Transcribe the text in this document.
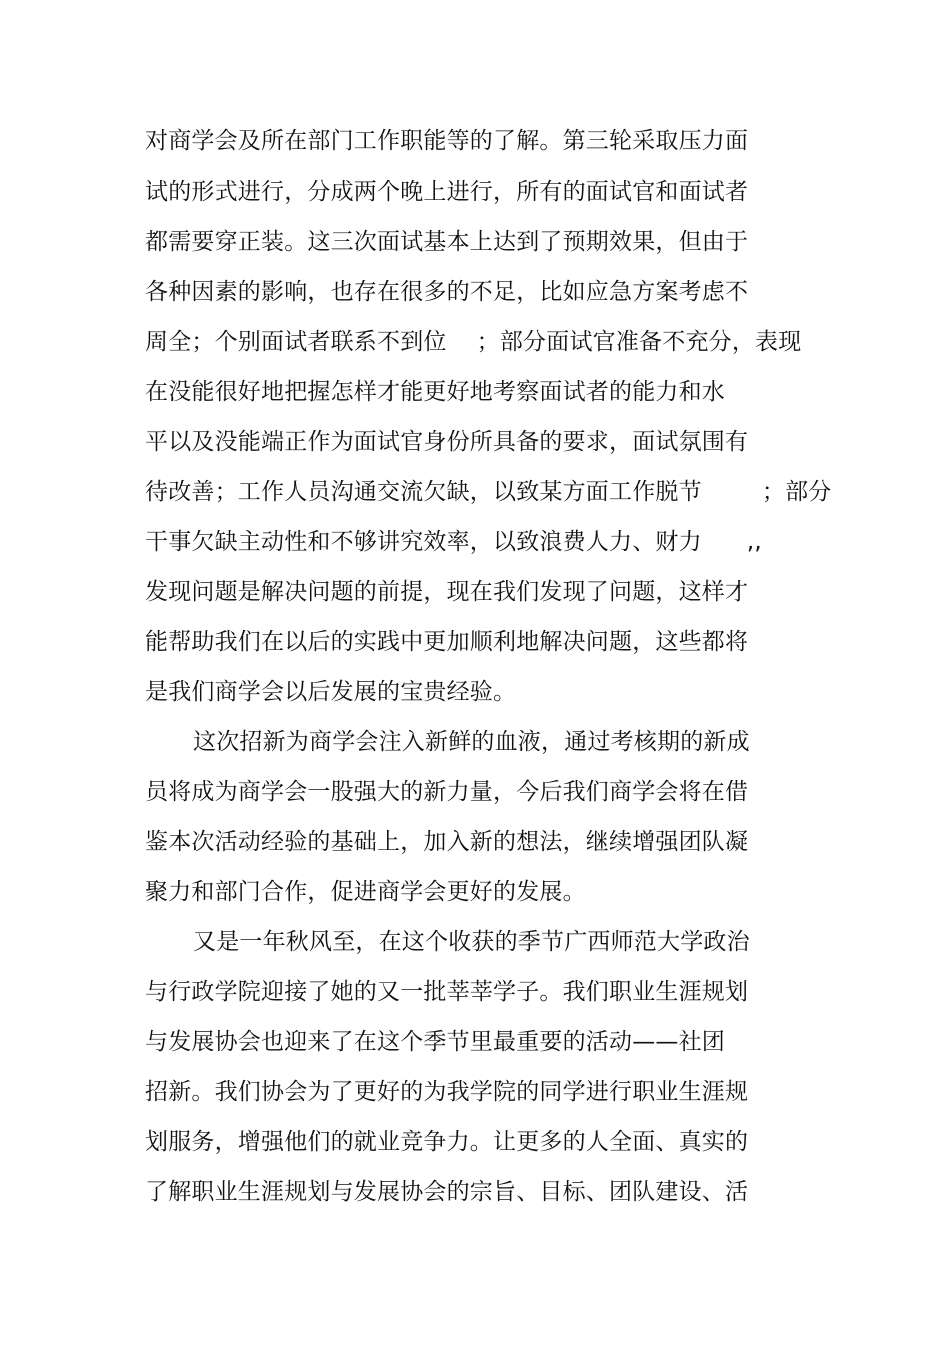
对商学会及所在部门工作职能等的了解。第三轮采取压力面
试的形式进行，分成两个晚上进行，所有的面试官和面试者
都需要穿正装。这三次面试基本上达到了预期效果，但由于
各种因素的影响，也存在很多的不足，比如应急方案考虑不
周全；个别面试者联系不到位    ；部分面试官准备不充分，表现
在没能很好地把握怎样才能更好地考察面试者的能力和水
平以及没能端正作为面试官身份所具备的要求，面试氛围有
待改善；工作人员沟通交流欠缺，以致某方面工作脱节        ；部分
干事欠缺主动性和不够讲究效率，以致浪费人力、财力      ,,
发现问题是解决问题的前提，现在我们发现了问题，这样才
能帮助我们在以后的实践中更加顺利地解决问题，这些都将
是我们商学会以后发展的宝贵经验。
这次招新为商学会注入新鲜的血液，通过考核期的新成
员将成为商学会一股强大的新力量，今后我们商学会将在借
鉴本次活动经验的基础上，加入新的想法，继续增强团队凝
聚力和部门合作，促进商学会更好的发展。
又是一年秋风至，在这个收获的季节广西师范大学政治
与行政学院迎接了她的又一批莘莘学子。我们职业生涯规划
与发展协会也迎来了在这个季节里最重要的活动——社团
招新。我们协会为了更好的为我学院的同学进行职业生涯规
划服务，增强他们的就业竞争力。让更多的人全面、真实的
了解职业生涯规划与发展协会的宗旨、目标、团队建设、活
